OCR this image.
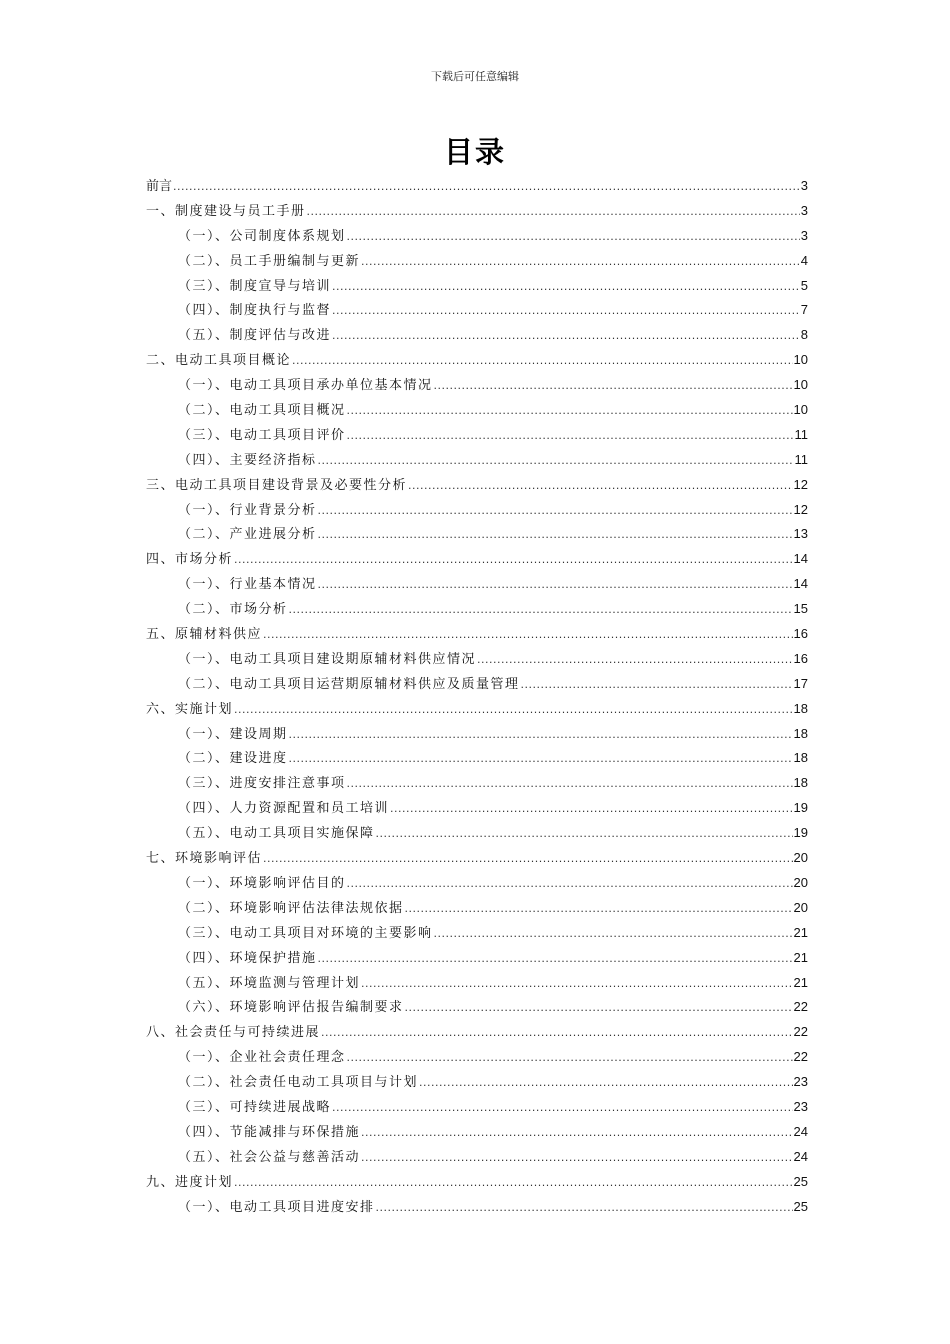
下载后可任意编辑
目录
前言 .....	3
一、制度建设与员工手册 .....	3
（一）、公司制度体系规划 .....	3
（二）、员工手册编制与更新 .....	4
（三）、制度宣导与培训 .....	5
（四）、制度执行与监督 .....	7
（五）、制度评估与改进 .....	8
二、电动工具项目概论 .....	10
（一）、电动工具项目承办单位基本情况 .....	10
（二）、电动工具项目概况 .....	10
（三）、电动工具项目评价 .....	11
（四）、主要经济指标 .....	11
三、电动工具项目建设背景及必要性分析 .....	12
（一）、行业背景分析 .....	12
（二）、产业进展分析 .....	13
四、市场分析 .....	14
（一）、行业基本情况 .....	14
（二）、市场分析 .....	15
五、原辅材料供应 .....	16
（一）、电动工具项目建设期原辅材料供应情况 .....	16
（二）、电动工具项目运营期原辅材料供应及质量管理 .....	17
六、实施计划 .....	18
（一）、建设周期 .....	18
（二）、建设进度 .....	18
（三）、进度安排注意事项 .....	18
（四）、人力资源配置和员工培训 .....	19
（五）、电动工具项目实施保障 .....	19
七、环境影响评估 .....	20
（一）、环境影响评估目的 .....	20
（二）、环境影响评估法律法规依据 .....	20
（三）、电动工具项目对环境的主要影响 .....	21
（四）、环境保护措施 .....	21
（五）、环境监测与管理计划 .....	21
（六）、环境影响评估报告编制要求 .....	22
八、社会责任与可持续进展 .....	22
（一）、企业社会责任理念 .....	22
（二）、社会责任电动工具项目与计划 .....	23
（三）、可持续进展战略 .....	23
（四）、节能减排与环保措施 .....	24
（五）、社会公益与慈善活动 .....	24
九、进度计划 .....	25
（一）、电动工具项目进度安排 .....	25
